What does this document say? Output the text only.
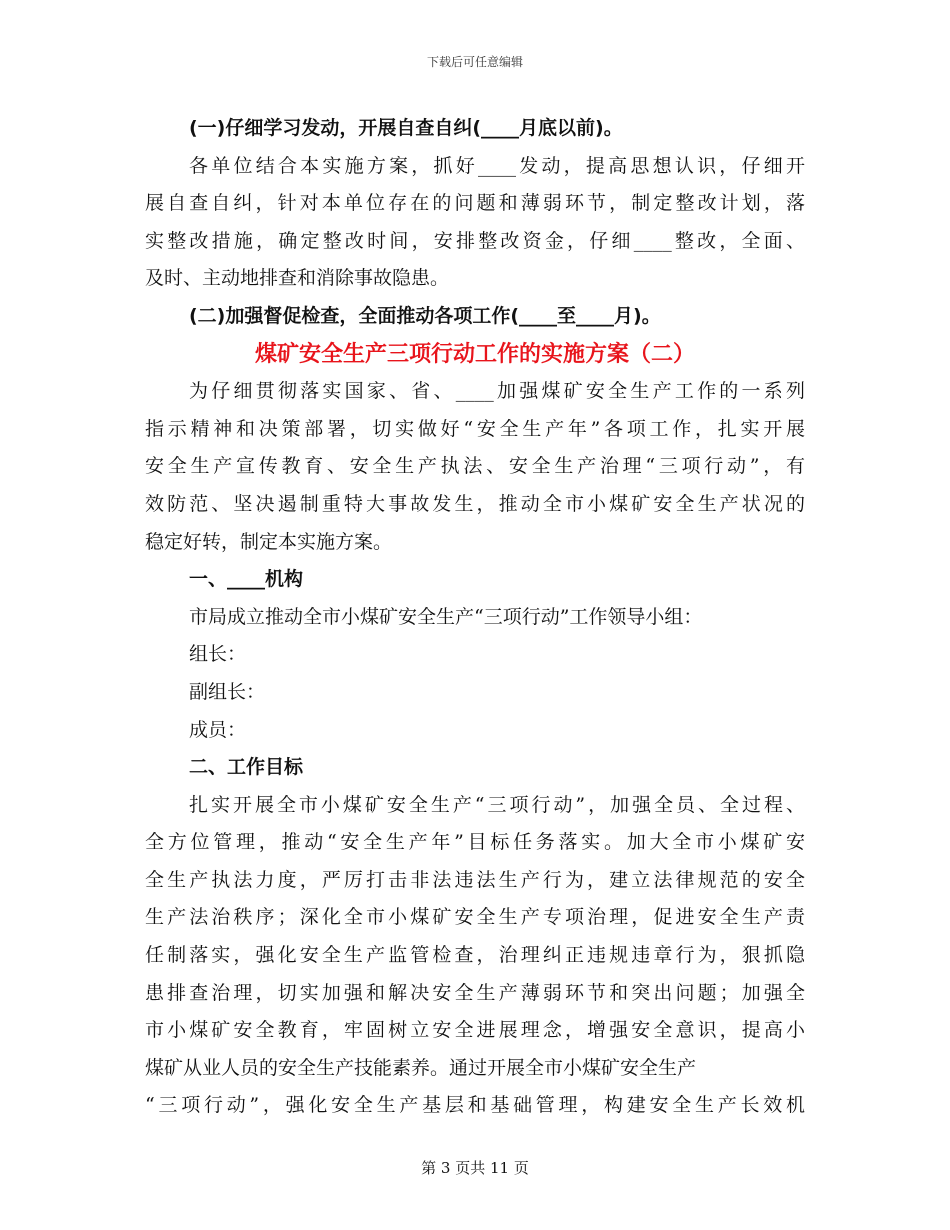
下载后可任意编辑
(一)仔细学习发动，开展自查自纠(____月底以前)。
各单位结合本实施方案，抓好____发动，提高思想认识，仔细开
展自查自纠，针对本单位存在的问题和薄弱环节，制定整改计划，落
实整改措施，确定整改时间，安排整改资金，仔细____整改，全面、
及时、主动地排查和消除事故隐患。
(二)加强督促检查，全面推动各项工作(____至____月)。
煤矿安全生产三项行动工作的实施方案（二）
为仔细贯彻落实国家、省、____加强煤矿安全生产工作的一系列
指示精神和决策部署，切实做好“安全生产年”各项工作，扎实开展
安全生产宣传教育、安全生产执法、安全生产治理“三项行动”，有
效防范、坚决遏制重特大事故发生，推动全市小煤矿安全生产状况的
稳定好转，制定本实施方案。
一、____机构
市局成立推动全市小煤矿安全生产“三项行动”工作领导小组：
组长：
副组长：
成员：
二、工作目标
扎实开展全市小煤矿安全生产“三项行动”，加强全员、全过程、
全方位管理，推动“安全生产年”目标任务落实。加大全市小煤矿安
全生产执法力度，严厉打击非法违法生产行为，建立法律规范的安全
生产法治秩序；深化全市小煤矿安全生产专项治理，促进安全生产责
任制落实，强化安全生产监管检查，治理纠正违规违章行为，狠抓隐
患排查治理，切实加强和解决安全生产薄弱环节和突出问题；加强全
市小煤矿安全教育，牢固树立安全进展理念，增强安全意识，提高小
煤矿从业人员的安全生产技能素养。通过开展全市小煤矿安全生产
“三项行动”，强化安全生产基层和基础管理，构建安全生产长效机
第 3 页共 11 页
